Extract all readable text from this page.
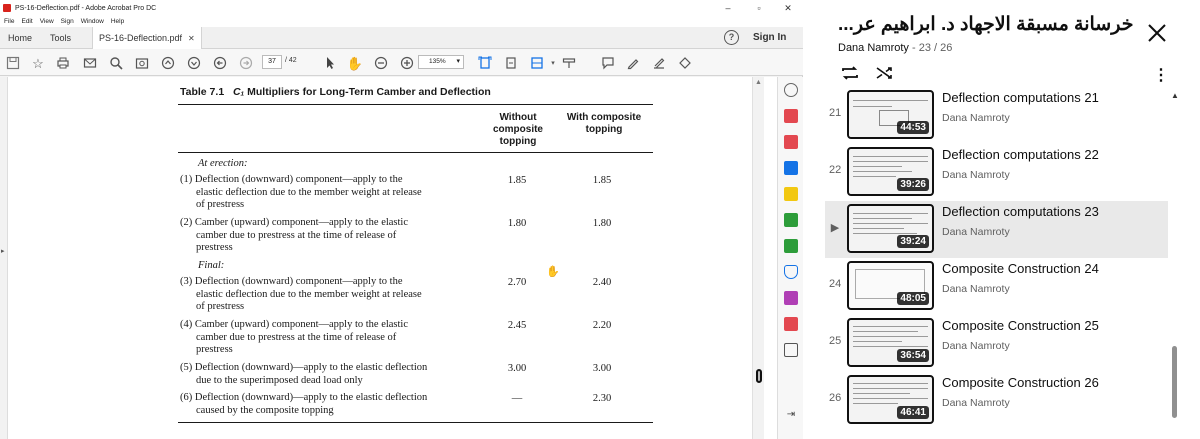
PS-16-Deflection.pdf - Adobe Acrobat Pro DC	–	▫	✕
File Edit View Sign Window Help
Home Tools	PS-16-Deflection.pdf ✕	?	Sign In
☆	37	/ 42	✋	135% ▾	▾
▸
Table 7.1 C₁ Multipliers for Long-Term Camber and Deflection
Without composite topping
With composite topping
At erection:
(1) Deflection (downward) component—apply to the
elastic deflection due to the member weight at release
of prestress
1.85	1.85
(2) Camber (upward) component—apply to the elastic
camber due to prestress at the time of release of
prestress
1.80	1.80
Final:
(3) Deflection (downward) component—apply to the
elastic deflection due to the member weight at release
of prestress
2.70	2.40
(4) Camber (upward) component—apply to the elastic
camber due to prestress at the time of release of
prestress
2.45	2.20
(5) Deflection (downward)—apply to the elastic deflection
due to the superimposed dead load only
3.00	3.00
(6) Deflection (downward)—apply to the elastic deflection
caused by the composite topping
—	2.30
✋
▲
⇥
خرسانة مسبقة الاجهاد د. ابراهيم عر...
Dana Namroty - 23 / 26
⋮
21
44:53
Deflection computations 21
Dana Namroty
22
39:26
Deflection computations 22
Dana Namroty
▶
39:24
Deflection computations 23
Dana Namroty
24
48:05
Composite Construction 24
Dana Namroty
25
36:54
Composite Construction 25
Dana Namroty
26
46:41
Composite Construction 26
Dana Namroty
▲
